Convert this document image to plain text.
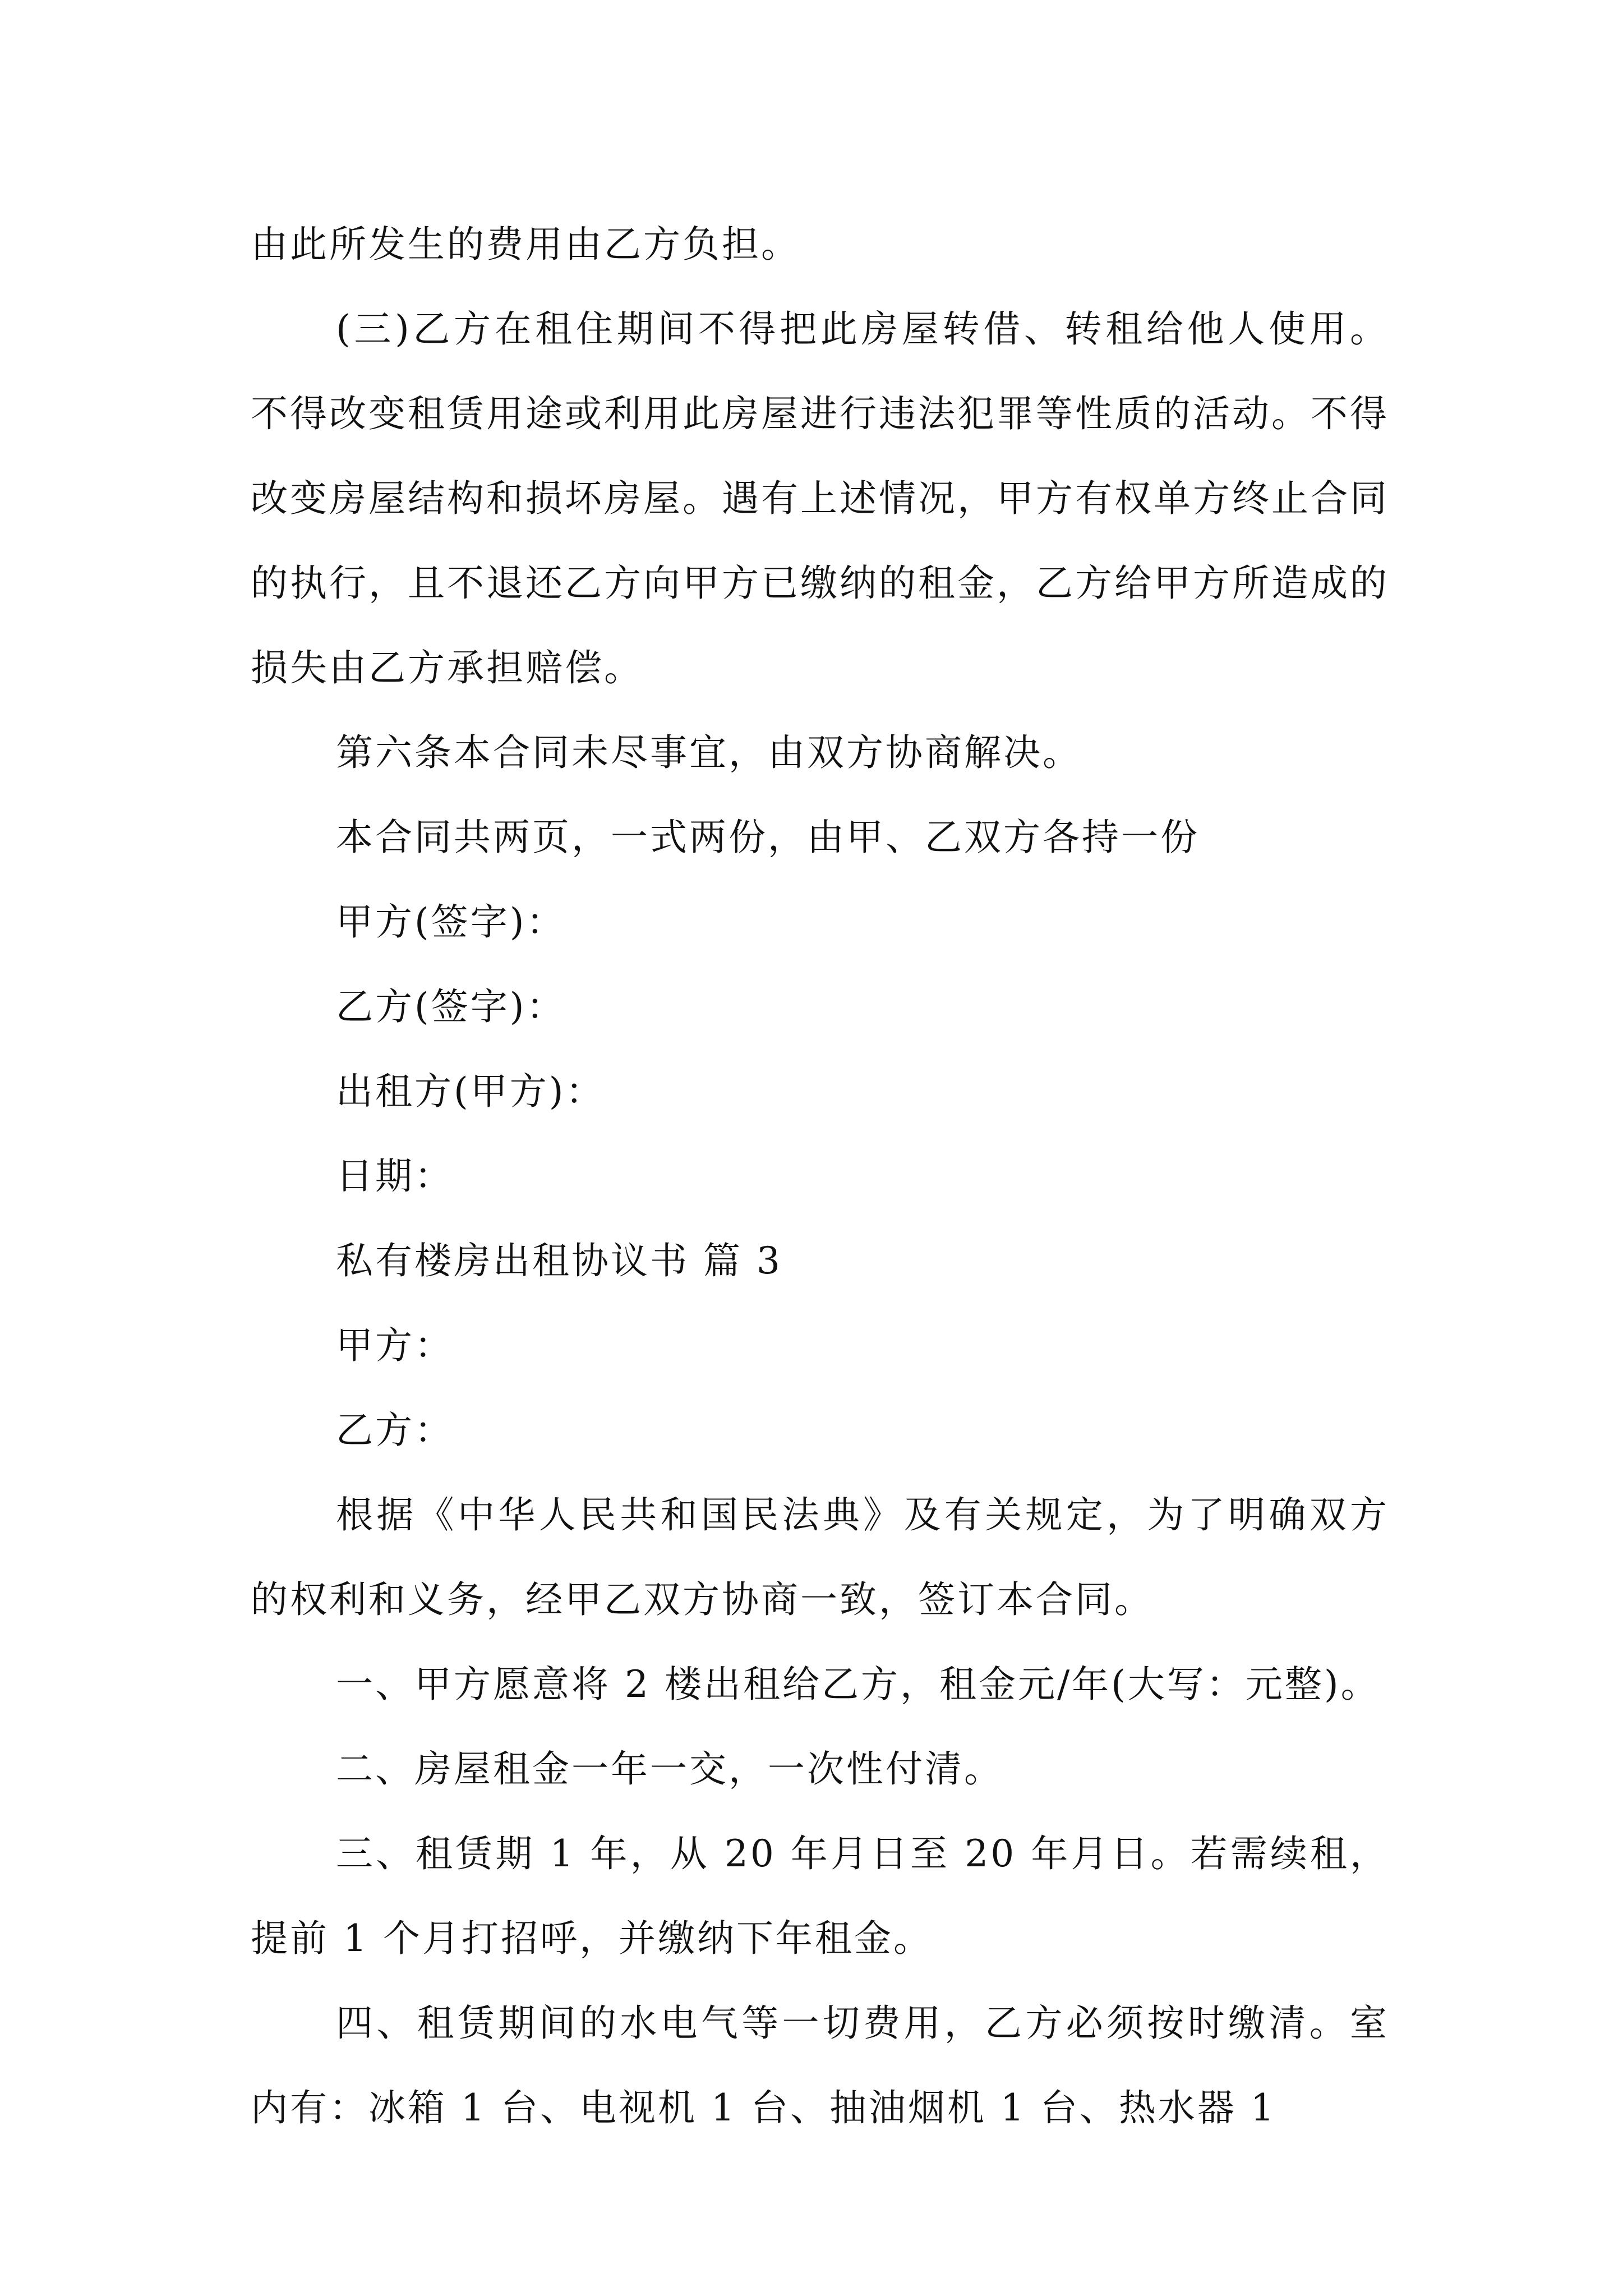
由此所发生的费用由乙方负担。

(三)乙方在租住期间不得把此房屋转借、转租给他人使用。不得改变租赁用途或利用此房屋进行违法犯罪等性质的活动。不得改变房屋结构和损坏房屋。遇有上述情况，甲方有权单方终止合同的执行，且不退还乙方向甲方已缴纳的租金，乙方给甲方所造成的损失由乙方承担赔偿。

第六条本合同未尽事宜，由双方协商解决。

本合同共两页，一式两份，由甲、乙双方各持一份

甲方(签字)：

乙方(签字)：

出租方(甲方)：

日期：

私有楼房出租协议书 篇 3

甲方：

乙方：

根据《中华人民共和国民法典》及有关规定，为了明确双方的权利和义务，经甲乙双方协商一致，签订本合同。

一、甲方愿意将 2 楼出租给乙方，租金元/年(大写：元整)。

二、房屋租金一年一交，一次性付清。

三、租赁期 1 年，从 20 年月日至 20 年月日。若需续租，提前 1 个月打招呼，并缴纳下年租金。

四、租赁期间的水电气等一切费用，乙方必须按时缴清。室内有：冰箱 1 台、电视机 1 台、抽油烟机 1 台、热水器 1
